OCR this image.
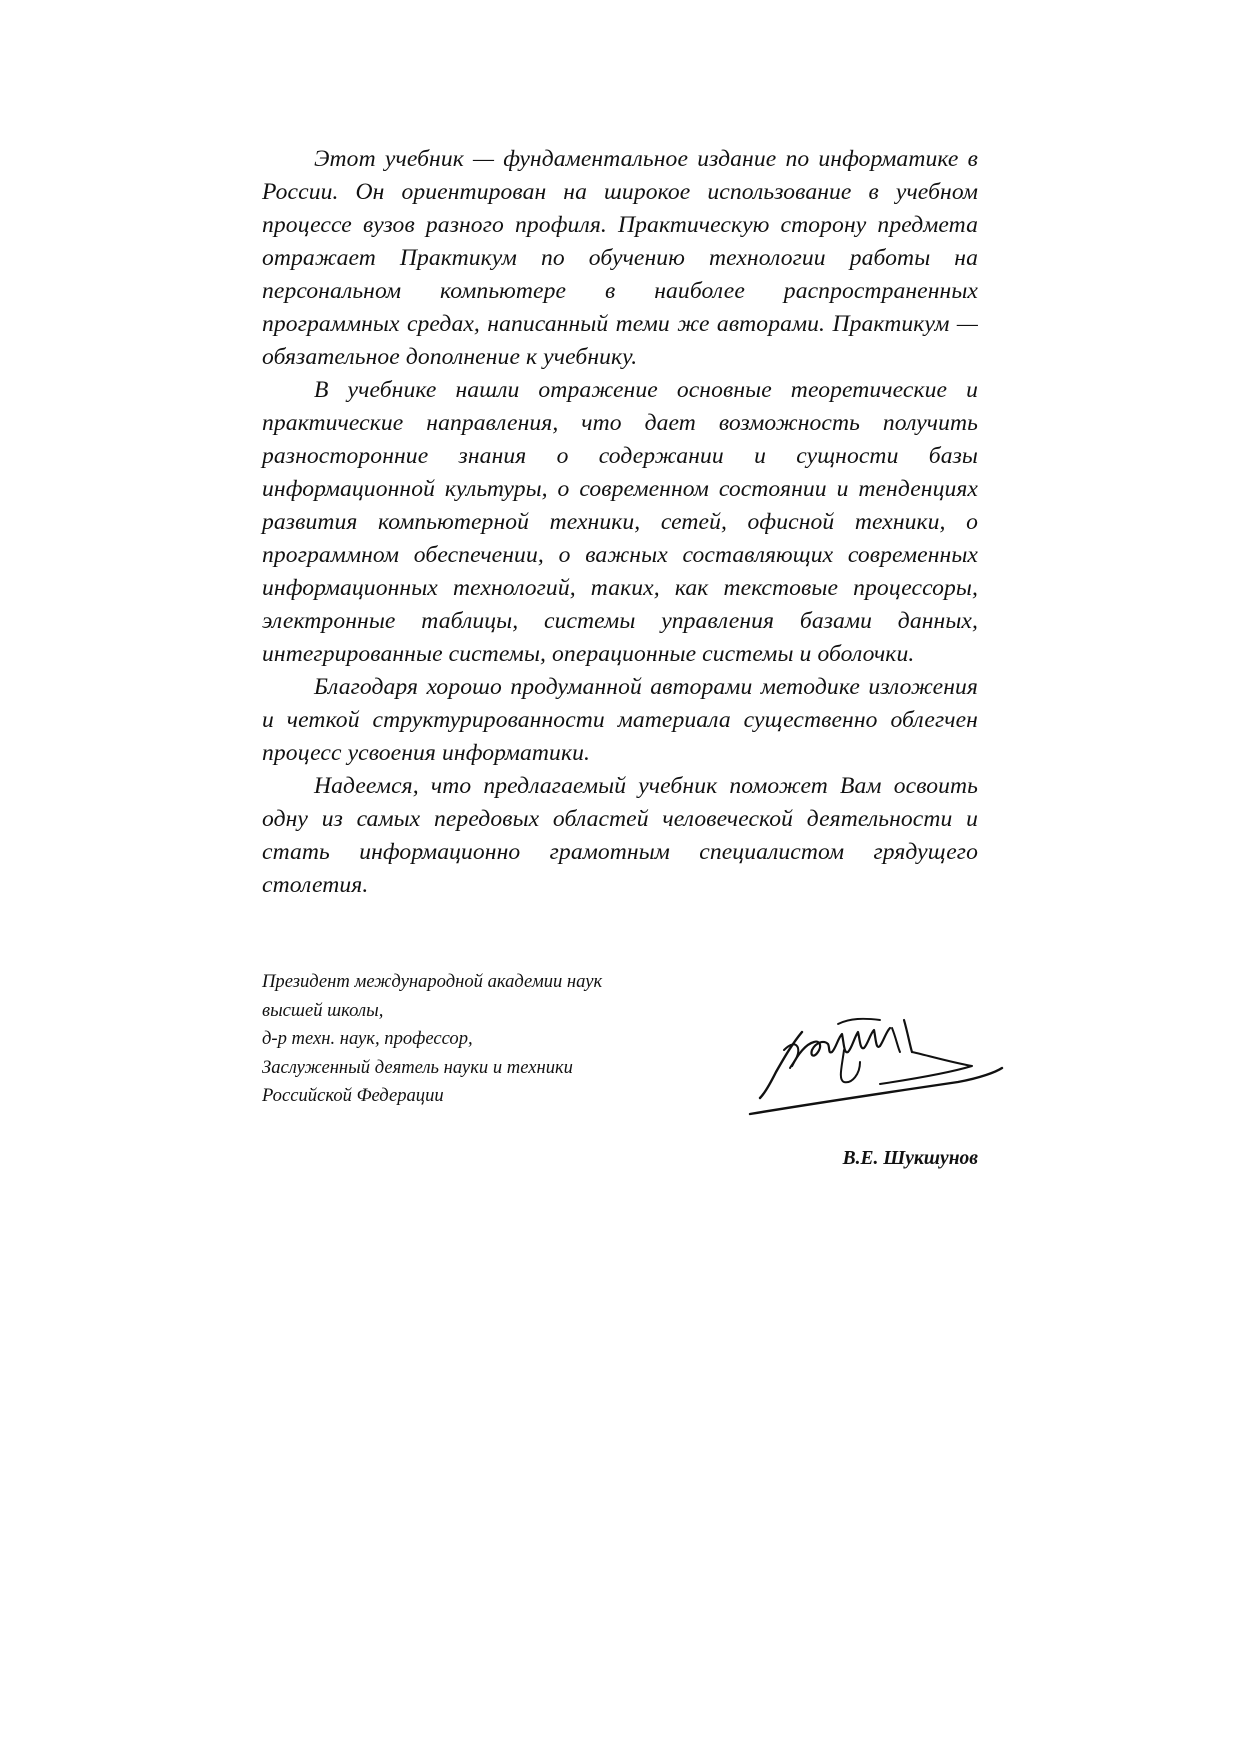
Этот учебник — фундаментальное издание по информатике в России. Он ориентирован на широкое использование в учебном процессе вузов разного профиля. Практическую сторону предмета отражает Практикум по обучению технологии работы на персональном компьютере в наиболее распространенных программных средах, написанный теми же авторами. Практикум — обязательное дополнение к учебнику.

В учебнике нашли отражение основные теоретические и практические направления, что дает возможность получить разносторонние знания о содержании и сущности базы информационной культуры, о современном состоянии и тенденциях развития компьютерной техники, сетей, офисной техники, о программном обеспечении, о важных составляющих современных информационных технологий, таких, как текстовые процессоры, электронные таблицы, системы управления базами данных, интегрированные системы, операционные системы и оболочки.

Благодаря хорошо продуманной авторами методике изложения и четкой структурированности материала существенно облегчен процесс усвоения информатики.

Надеемся, что предлагаемый учебник поможет Вам освоить одну из самых передовых областей человеческой деятельности и стать информационно грамотным специалистом грядущего столетия.

Президент международной академии наук
высшей школы,
д-р техн. наук, профессор,
Заслуженный деятель науки и техники
Российской Федерации
В.Е. Шукшунов
